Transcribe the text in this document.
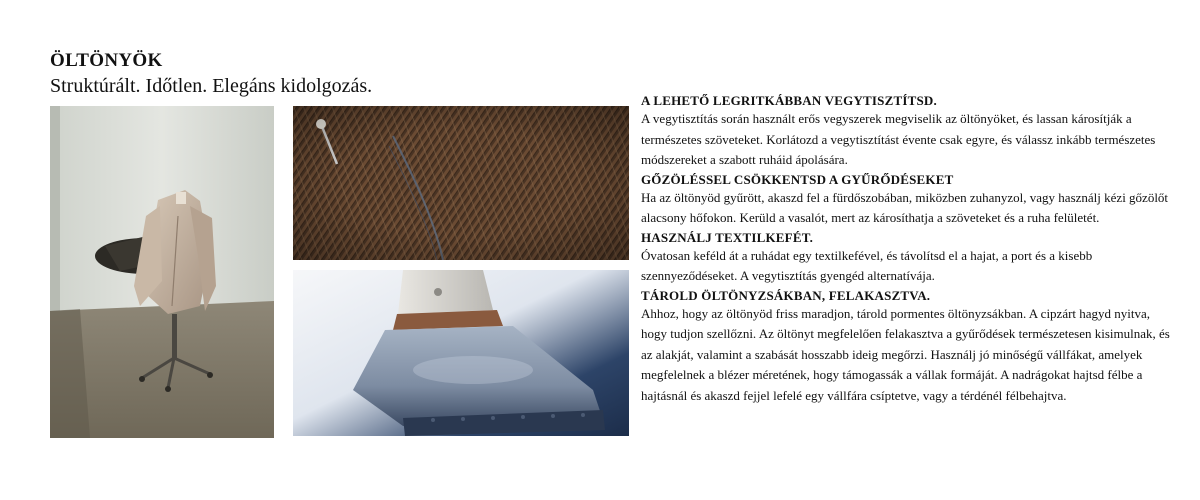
ÖLTÖNYÖK

Struktúrált. Időtlen. Elegáns kidolgozás.

A LEHETŐ LEGRITKÁBBAN VEGYTISZTÍTSD.

A vegytisztítás során használt erős vegyszerek megviselik az öltönyöket, és lassan károsítják a természetes szöveteket. Korlátozd a vegytisztítást évente csak egyre, és válassz inkább természetes módszereket a szabott ruháid ápolására.

GŐZÖLÉSSEL CSÖKKENTSD A GYŰRŐDÉSEKET

Ha az öltönyöd gyűrött, akaszd fel a fürdőszobában, miközben zuhanyzol, vagy használj kézi gőzölőt alacsony hőfokon. Kerüld a vasalót, mert az károsíthatja a szöveteket és a ruha felületét.

HASZNÁLJ TEXTILKEFÉT.

Óvatosan keféld át a ruhádat egy textilkefével, és távolítsd el a hajat, a port és a kisebb szennyeződéseket. A vegytisztítás gyengéd alternatívája.

TÁROLD ÖLTÖNYZSÁKBAN, FELAKASZTVA.

Ahhoz, hogy az öltönyöd friss maradjon, tárold pormentes öltönyzsákban. A cipzárt hagyd nyitva, hogy tudjon szellőzni. Az öltönyt megfelelően felakasztva a gyűrődések természetesen kisimulnak, és az alakját, valamint a szabását hosszabb ideig megőrzi. Használj jó minőségű vállfákat, amelyek megfelelnek a blézer méretének, hogy támogassák a vállak formáját. A nadrágokat hajtsd félbe a hajtásnál és akaszd fejjel lefelé egy vállfára csíptetve, vagy a térdénél félbehajtva.
